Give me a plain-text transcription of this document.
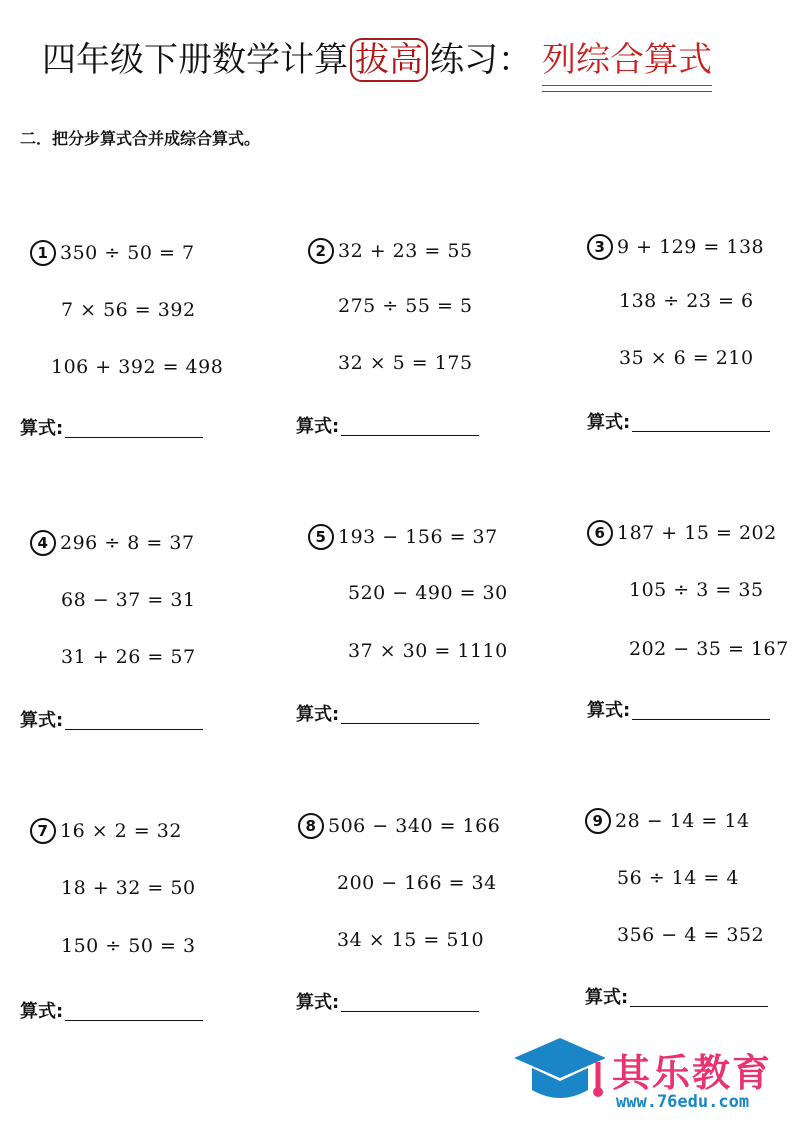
四年级下册数学计算 拔高 练习： 列综合算式
二．把分步算式合并成综合算式。
1 350 ÷ 50 = 7
7 × 56 = 392
106 + 392 = 498
算式:
2 32 + 23 = 55
275 ÷ 55 = 5
32 × 5 = 175
算式:
3 9 + 129 = 138
138 ÷ 23 = 6
35 × 6 = 210
算式:
4 296 ÷ 8 = 37
68 − 37 = 31
31 + 26 = 57
算式:
5 193 − 156 = 37
520 − 490 = 30
37 × 30 = 1110
算式:
6 187 + 15 = 202
105 ÷ 3 = 35
202 − 35 = 167
算式:
7 16 × 2 = 32
18 + 32 = 50
150 ÷ 50 = 3
算式:
8 506 − 340 = 166
200 − 166 = 34
34 × 15 = 510
算式:
9 28 − 14 = 14
56 ÷ 14 = 4
356 − 4 = 352
算式:
其乐教育
www.76edu.com
